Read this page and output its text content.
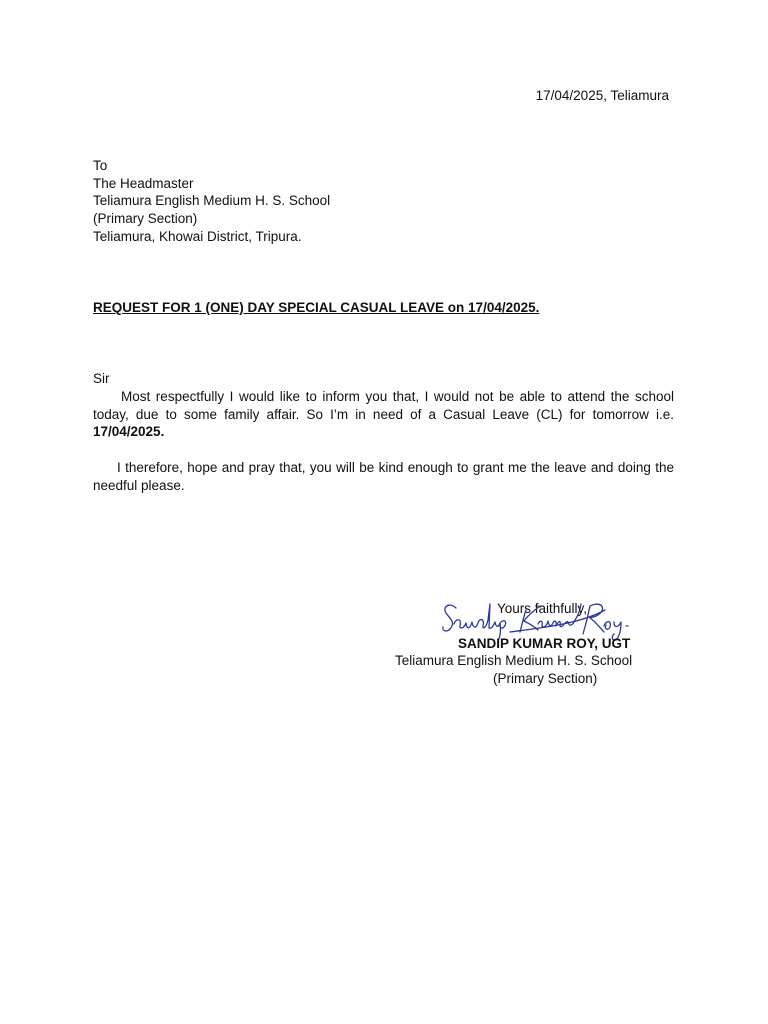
17/04/2025, Teliamura
To
The Headmaster
Teliamura English Medium H. S. School
(Primary Section)
Teliamura, Khowai District, Tripura.
REQUEST FOR 1 (ONE) DAY SPECIAL CASUAL LEAVE on 17/04/2025.
Sir
Most respectfully I would like to inform you that, I would not be able to attend the school today, due to some family affair. So I’m in need of a Casual Leave (CL) for tomorrow i.e. 17/04/2025.
I therefore, hope and pray that, you will be kind enough to grant me the leave and doing the needful please.
Yours faithfully,
SANDIP KUMAR ROY, UGT
Teliamura English Medium H. S. School
(Primary Section)
